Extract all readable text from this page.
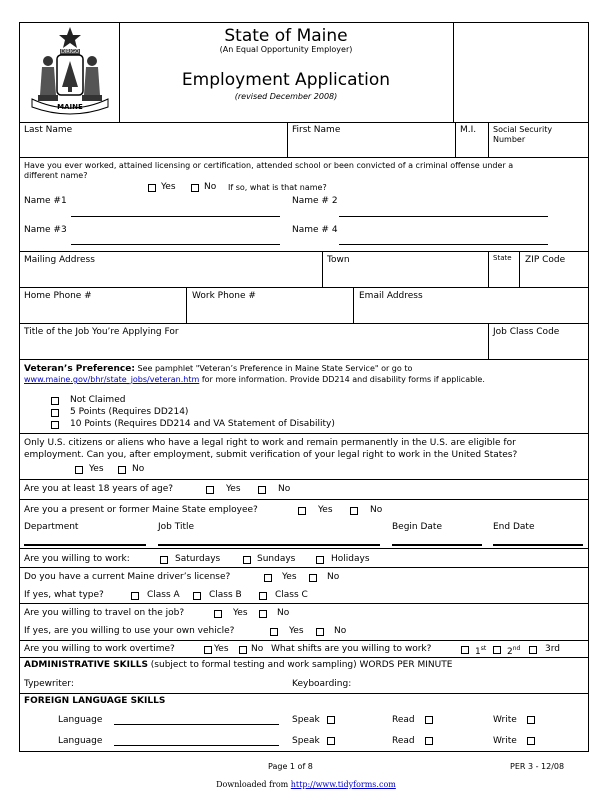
DIRIGO
MAINE
State of Maine
(An Equal Opportunity Employer)
Employment Application
(revised December 2008)
Last Name	First Name	M.I. Social Security
Number
Have you ever worked, attained licensing or certification, attended school or been convicted of a criminal offense under a
different name?
Yes	No If so, what is that name?
Name #1	Name # 2
Name #3	Name # 4
Mailing Address	Town	State ZIP Code
Home Phone #	Work Phone #	Email Address
Title of the Job You’re Applying For	Job Class Code
Veteran’s Preference: See pamphlet "Veteran’s Preference in Maine State Service" or go to
www.maine.gov/bhr/state_jobs/veteran.htm for more information. Provide DD214 and disability forms if applicable.
Not Claimed
5 Points (Requires DD214)
10 Points (Requires DD214 and VA Statement of Disability)
Only U.S. citizens or aliens who have a legal right to work and remain permanently in the U.S. are eligible for
employment. Can you, after employment, submit verification of your legal right to work in the United States?
Yes	No
Are you at least 18 years of age?	Yes	No
Are you a present or former Maine State employee?	Yes	No
Department	Job Title	Begin Date	End Date
Are you willing to work:	Saturdays	Sundays	Holidays
Do you have a current Maine driver’s license?	Yes	No
If yes, what type?	Class A	Class B	Class C
Are you willing to travel on the job?	Yes	No
If yes, are you willing to use your own vehicle?	Yes	No
Are you willing to work overtime?	Yes No What shifts are you willing to work?	1st 2nd	3rd
ADMINISTRATIVE SKILLS (subject to formal testing and work sampling) WORDS PER MINUTE
Typewriter:	Keyboarding:
FOREIGN LANGUAGE SKILLS
Language	Speak	Read	Write
Language	Speak	Read	Write
Page 1 of 8	PER 3 - 12/08
Downloaded from http://www.tidyforms.com
